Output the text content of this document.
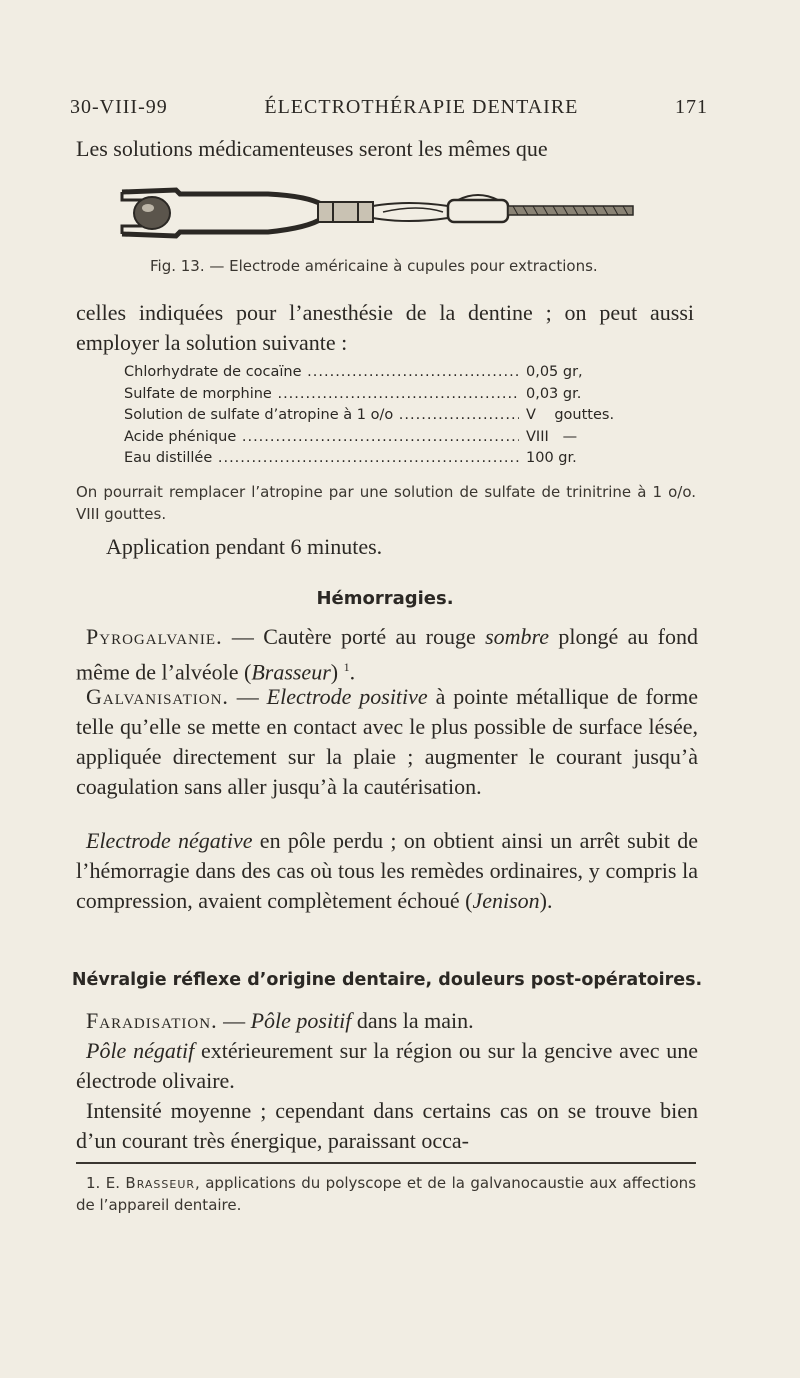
30-VIII-99	ÉLECTROTHÉRAPIE DENTAIRE	171
Les solutions médicamenteuses seront les mêmes que
Fig. 13. — Electrode américaine à cupules pour extractions.
celles indiquées pour l’anesthésie de la dentine ; on peut aussi employer la solution suivante :
Chlorhydrate de cocaïne .....	0,05 gr,
Sulfate de morphine .....	0,03 gr.
Solution de sulfate d’atropine à 1 o/o .....	V    gouttes.
Acide phénique .....	VIII   —
Eau distillée .....	100 gr.
On pourrait remplacer l’atropine par une solution de sulfate de trinitrine à 1 o/o. VIII gouttes.
Application pendant 6 minutes.
Hémorragies.
Pyrogalvanie. — Cautère porté au rouge sombre plongé au fond même de l’alvéole (Brasseur) $^1$.
Galvanisation. — Electrode positive à pointe métallique de forme telle qu’elle se mette en contact avec le plus possible de surface lésée, appliquée directement sur la plaie ; augmenter le courant jusqu’à coagulation sans aller jusqu’à la cautérisation.
Electrode négative en pôle perdu ; on obtient ainsi un arrêt subit de l’hémorragie dans des cas où tous les remèdes ordinaires, y compris la compression, avaient complètement échoué (Jenison).
Névralgie réflexe d’origine dentaire, douleurs post-opératoires.
Faradisation. — Pôle positif dans la main.
Pôle négatif extérieurement sur la région ou sur la gencive avec une électrode olivaire.
Intensité moyenne ; cependant dans certains cas on se trouve bien d’un courant très énergique, paraissant occa-
1. E. Brasseur, applications du polyscope et de la galvanocaustie aux affections de l’appareil dentaire.
